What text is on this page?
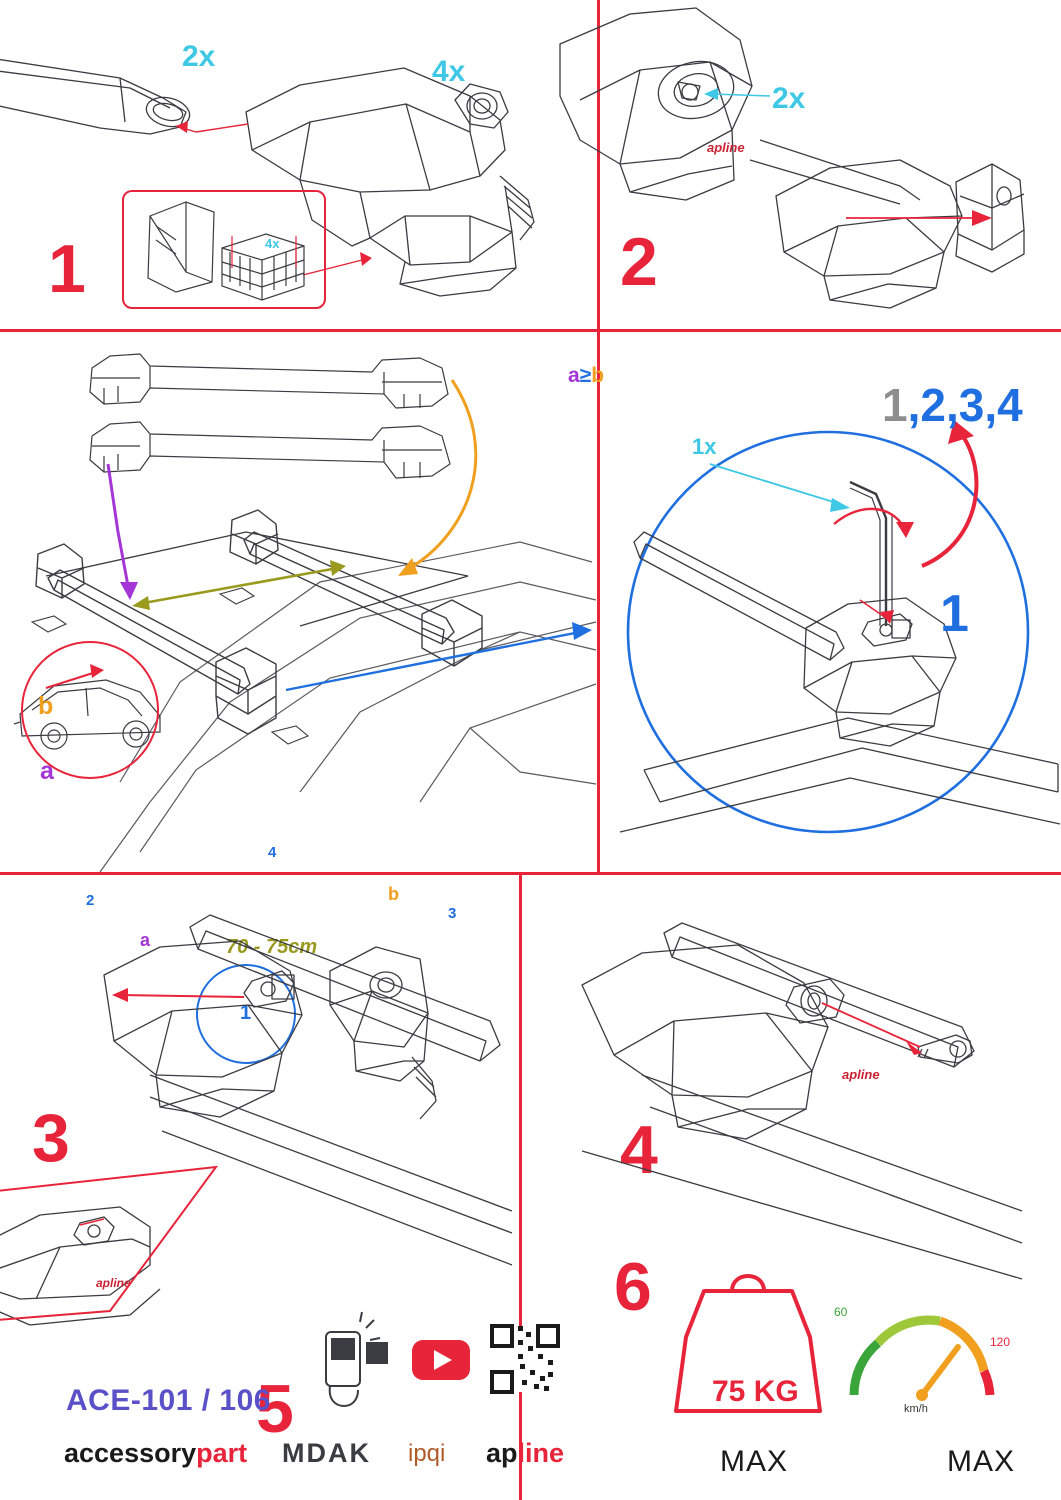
4x
2x	4x
1
apline
2x
2
b
a
a
b
70 - 75cm
1
2
3
4
3
a≥b
1x
1
1,2,3,4
4
apline
5
apline
6
75 KG
MAX	MAX
km/h
60
120
ACE-101 / 106
accessorypart MDAK ipqi apline
